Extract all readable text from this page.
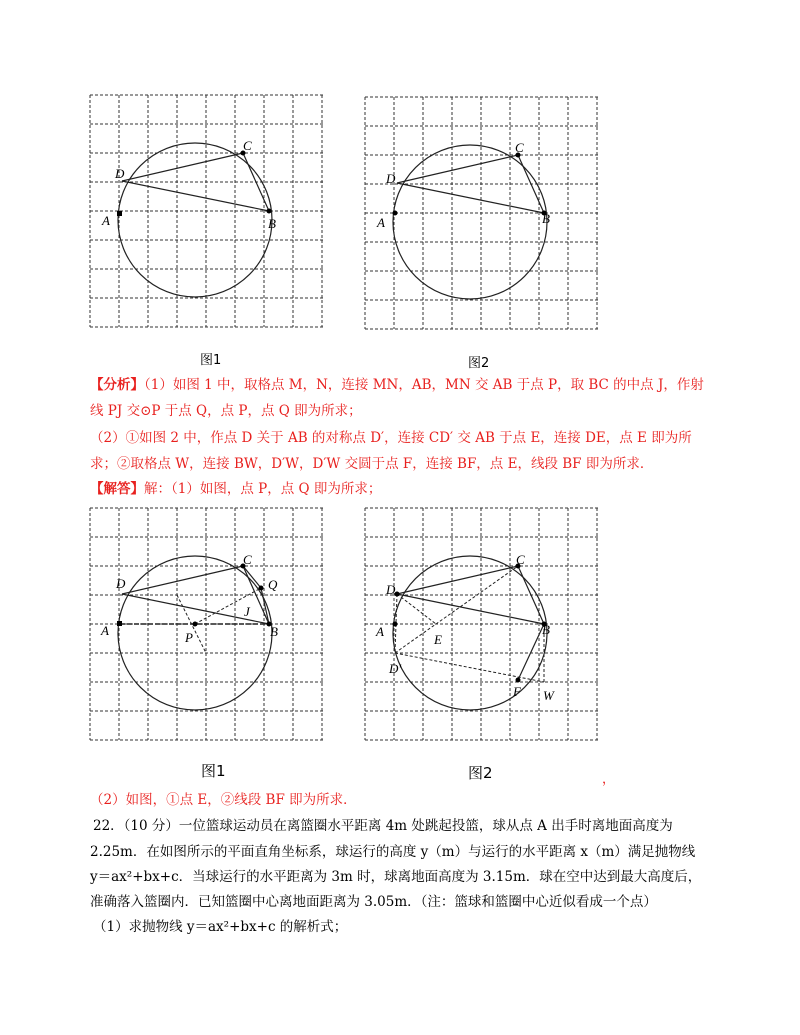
C
D
A	B
图1
C
D
A	B
图2
【分析】（1）如图 1 中，取格点 M，N，连接 MN，AB，MN 交 AB 于点 P，取 BC 的中点 J，作射
线 PJ 交⊙P 于点 Q，点 P，点 Q 即为所求；
（2）①如图 2 中，作点 D 关于 AB 的对称点 D′，连接 CD′ 交 AB 于点 E，连接 DE，点 E 即为所
求；②取格点 W，连接 BW，D′W，D′W 交圆于点 F，连接 BF，点 E，线段 BF 即为所求．
【解答】解：（1）如图，点 P，点 Q 即为所求；
C
D	Q
J
A	P	B
图1
C
D
A
E
B
D′
F W
图2	，
（2）如图，①点 E，②线段 BF 即为所求．
22．（10 分）一位篮球运动员在离篮圈水平距离 4m 处跳起投篮，球从点 A 出手时离地面高度为
2.25m．在如图所示的平面直角坐标系，球运行的高度 y（m）与运行的水平距离 x（m）满足抛物线
y＝ax²+bx+c．当球运行的水平距离为 3m 时，球离地面高度为 3.15m．球在空中达到最大高度后，
准确落入篮圈内．已知篮圈中心离地面距离为 3.05m．（注：篮球和篮圈中心近似看成一个点）
（1）求抛物线 y＝ax²+bx+c 的解析式；
